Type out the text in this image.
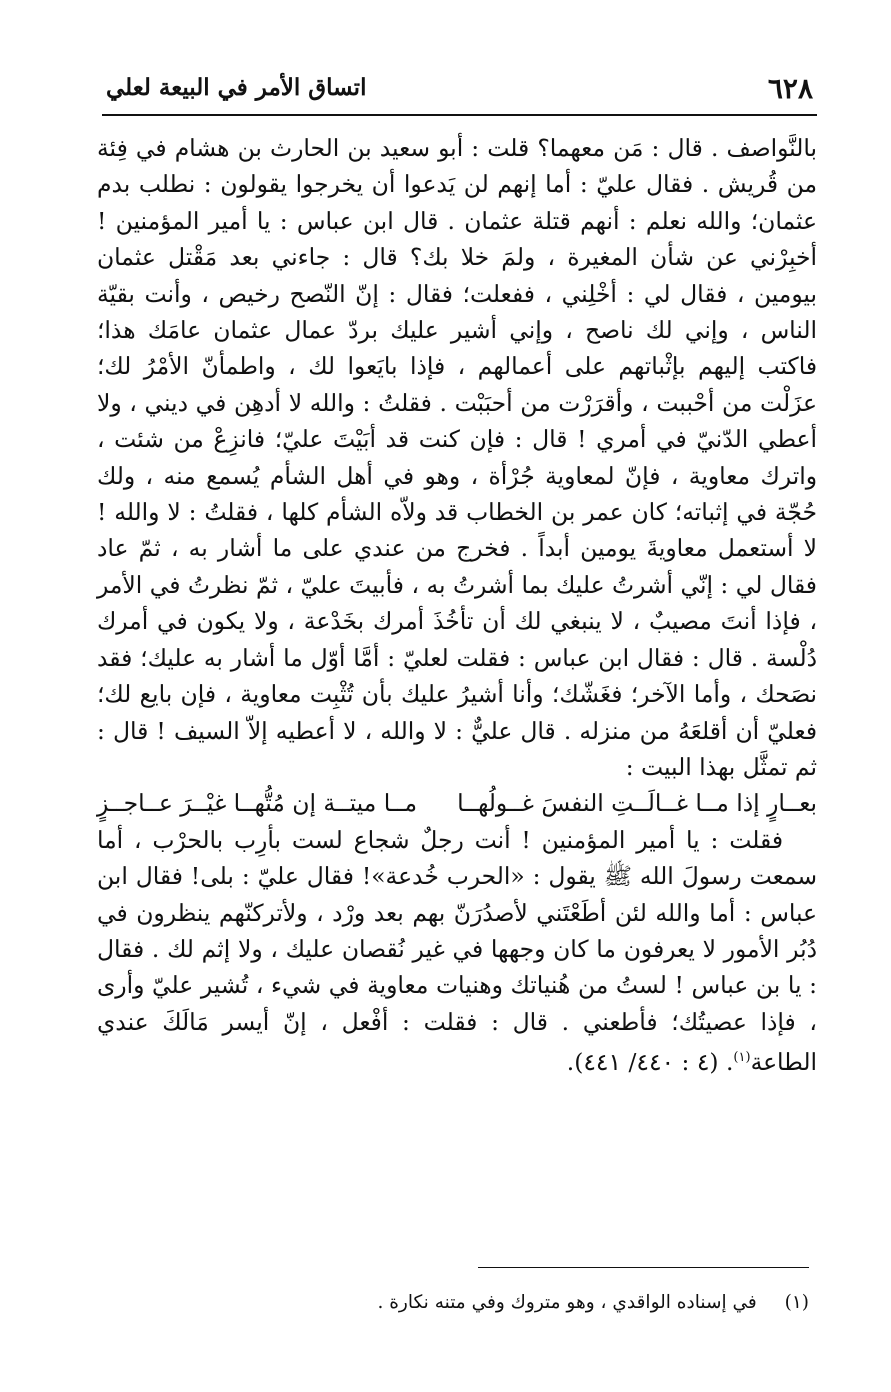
٦٢٨
اتساق الأمر في البيعة لعلي

بالنَّواصف . قال : مَن معهما؟ قلت : أبو سعيد بن الحارث بن هشام في فِئة من قُريش . فقال عليّ : أما إنهم لن يَدعوا أن يخرجوا يقولون : نطلب بدم عثمان؛ والله نعلم : أنهم قتلة عثمان . قال ابن عباس : يا أمير المؤمنين ! أخبِرْني عن شأن المغيرة ، ولمَ خلا بك؟ قال : جاءني بعد مَقْتل عثمان بيومين ، فقال لي : أخْلِني ، ففعلت؛ فقال : إنّ النّصح رخيص ، وأنت بقيّة الناس ، وإني لك ناصح ، وإني أشير عليك بردّ عمال عثمان عامَك هذا؛ فاكتب إليهم بإثْباتهم على أعمالهم ، فإذا بايَعوا لك ، واطمأنّ الأمْرُ لك؛ عزَلْت من أحْببت ، وأقرَرْت من أحبَبْت . فقلتُ : والله لا أدهِن في ديني ، ولا أعطي الدّنيّ في أمري ! قال : فإن كنت قد أبَيْتَ عليّ؛ فانزِعْ من شئت ، واترك معاوية ، فإنّ لمعاوية جُرْأة ، وهو في أهل الشأم يُسمع منه ، ولك حُجّة في إثباته؛ كان عمر بن الخطاب قد ولاّه الشأم كلها ، فقلتُ : لا والله ! لا أستعمل معاويةَ يومين أبداً . فخرج من عندي على ما أشار به ، ثمّ عاد فقال لي : إنّي أشرتُ عليك بما أشرتُ به ، فأبيتَ عليّ ، ثمّ نظرتُ في الأمر ، فإذا أنتَ مصيبٌ ، لا ينبغي لك أن تأخُذَ أمرك بخَدْعة ، ولا يكون في أمرك دُلْسة . قال : فقال ابن عباس : فقلت لعليّ : أمَّا أوّل ما أشار به عليك؛ فقد نصَحك ، وأما الآخر؛ فغَشّك؛ وأنا أشيرُ عليك بأن تُثْبِت معاوية ، فإن بايع لك؛ فعليّ أن أقلعَهُ من منزله . قال عليٌّ : لا والله ، لا أعطيه إلاّ السيف ! قال : ثم تمثَّل بهذا البيت :

مــا ميتــة إن مُتُّهــا غيْــرَ عــاجــزٍ بعــارٍ إذا مــا غــالَــتِ النفسَ غــولُهــا

فقلت : يا أمير المؤمنين ! أنت رجلٌ شجاع لست بأرِب بالحرْب ، أما سمعت رسولَ الله ﷺ يقول : «الحرب خُدعة»! فقال عليّ : بلى! فقال ابن عباس : أما والله لئن أطَعْتَني لأصدُرَنّ بهم بعد ورْد ، ولأتركنّهم ينظرون في دُبُر الأمور لا يعرفون ما كان وجهها في غير نُقصان عليك ، ولا إثم لك . فقال : يا بن عباس ! لستُ من هُنياتك وهنيات معاوية في شيء ، تُشير عليّ وأرى ، فإذا عصيتُك؛ فأطعني . قال : فقلت : أفْعل ، إنّ أيسر مَالَكَ عندي الطاعة$^{(١)}$. (٤ : ٤٤٠/ ٤٤١).

(١) في إسناده الواقدي ، وهو متروك وفي متنه نكارة .
